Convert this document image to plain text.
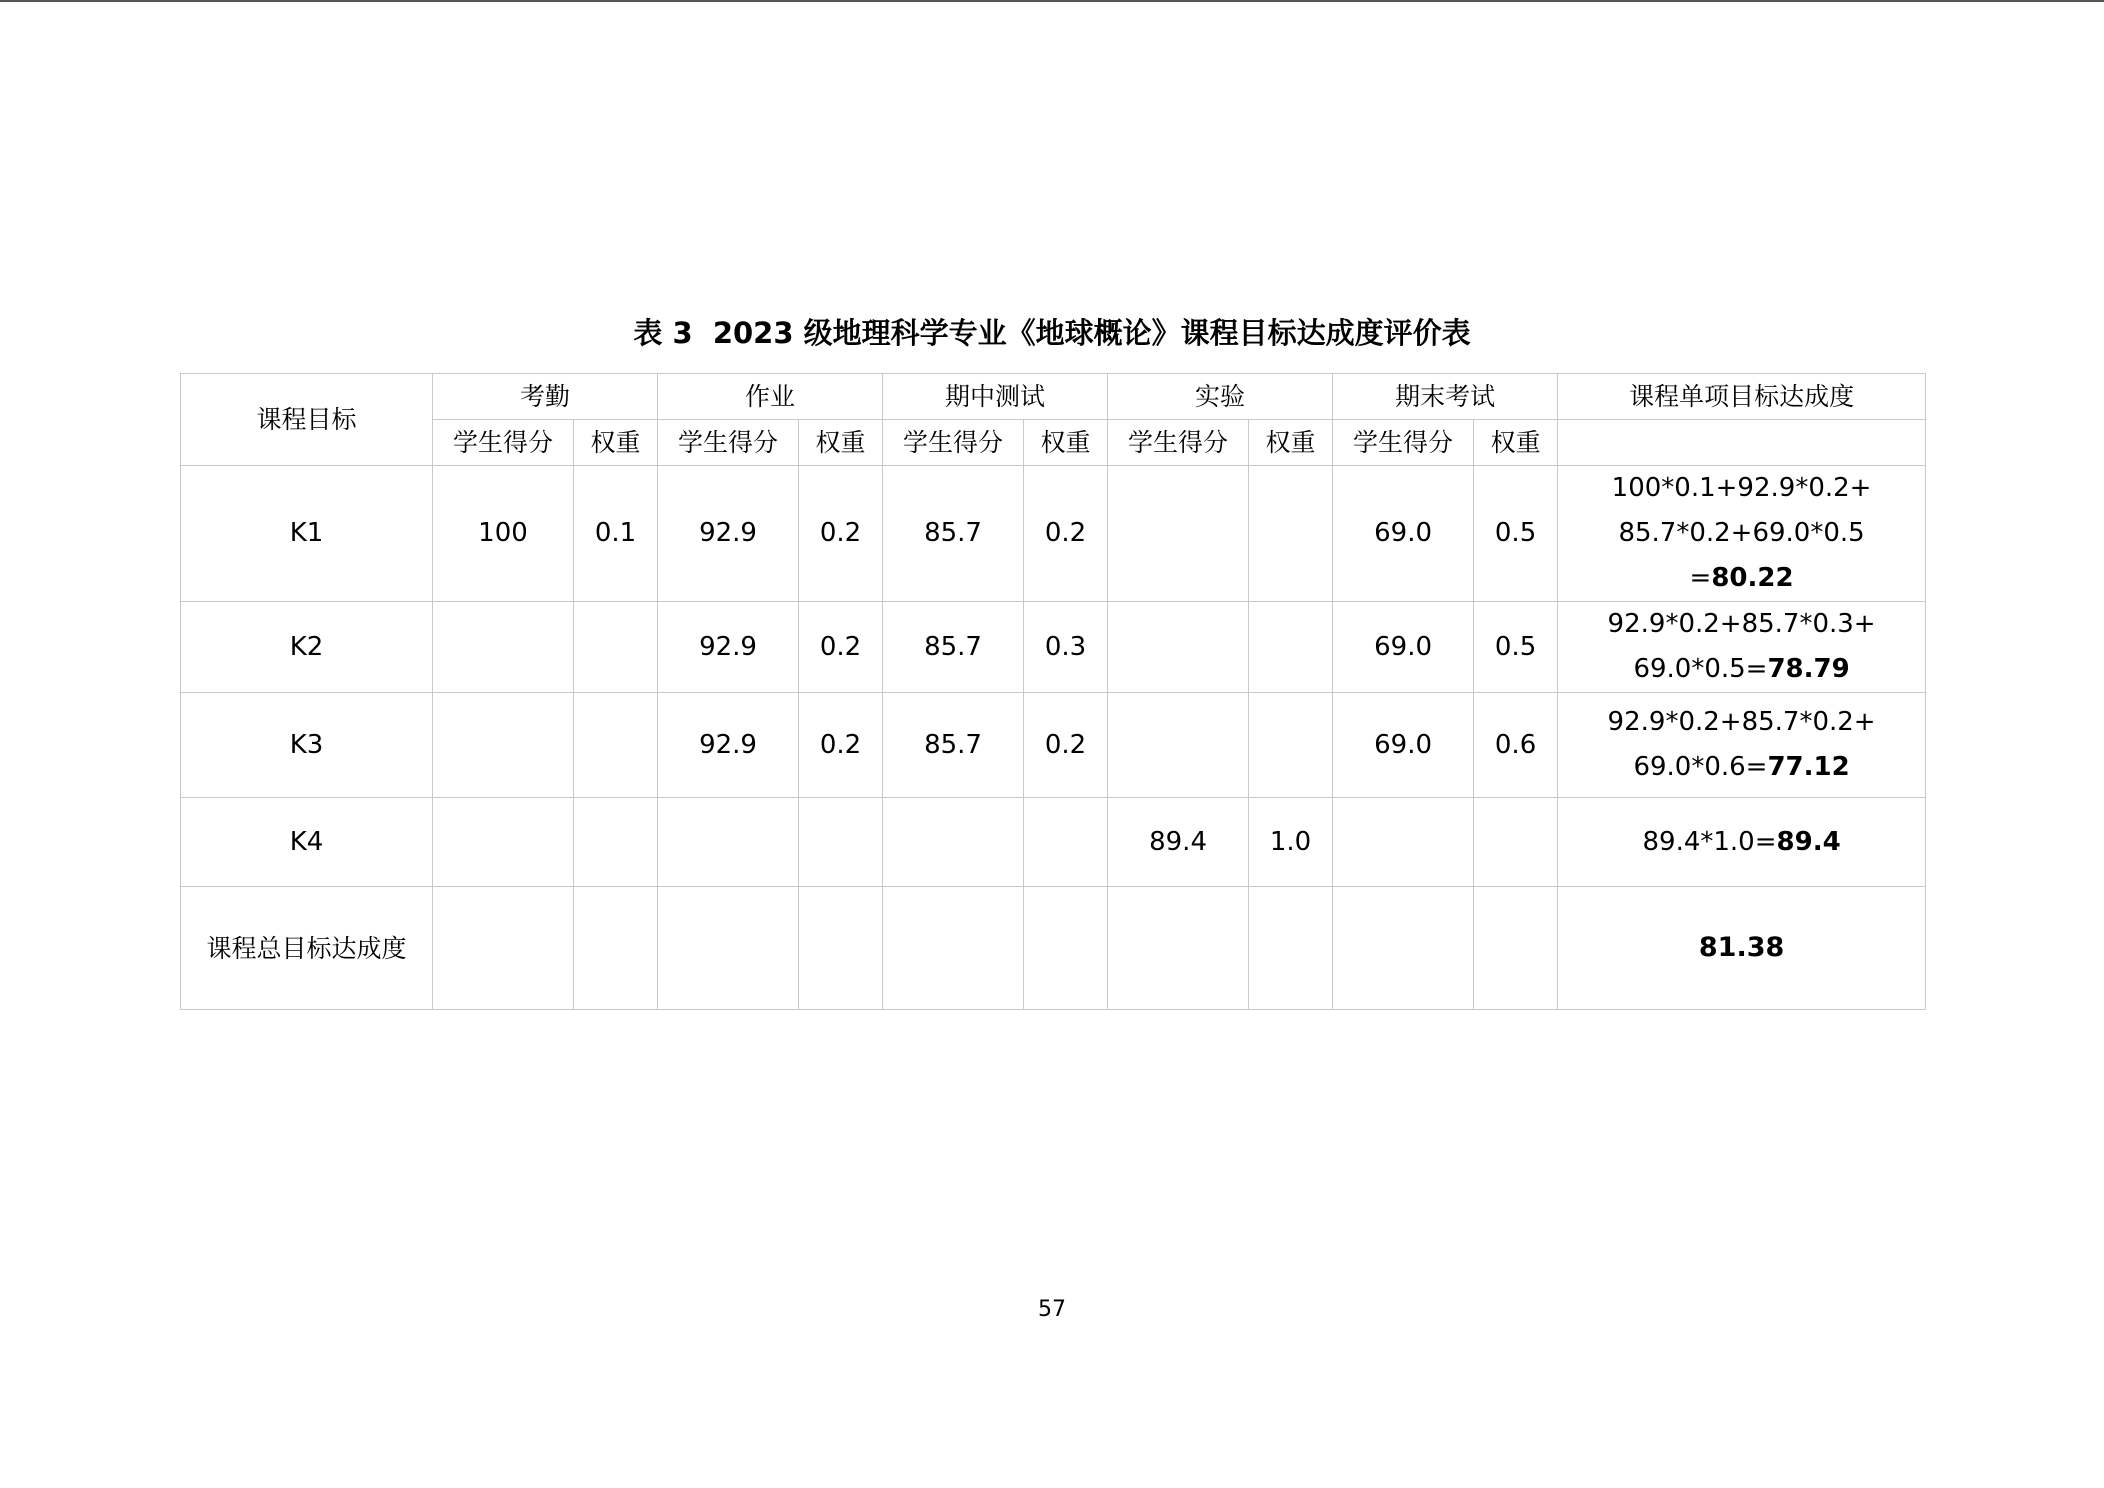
表 3  2023 级地理科学专业《地球概论》课程目标达成度评价表
课程目标	考勤		作业		期中测试		实验		期末考试		课程单项目标达成度
	学生得分	权重	学生得分	权重	学生得分	权重	学生得分	权重	学生得分	权重	
K1	100	0.1	92.9	0.2	85.7	0.2			69.0	0.5	100*0.1+92.9*0.2+
85.7*0.2+69.0*0.5
=80.22

K2			92.9	0.2	85.7	0.3			69.0	0.5	92.9*0.2+85.7*0.3+
69.0*0.5=78.79

K3			92.9	0.2	85.7	0.2			69.0	0.6	92.9*0.2+85.7*0.2+
69.0*0.6=77.12

K4							89.4	1.0			89.4*1.0=89.4

课程总目标达成度											81.38
57
